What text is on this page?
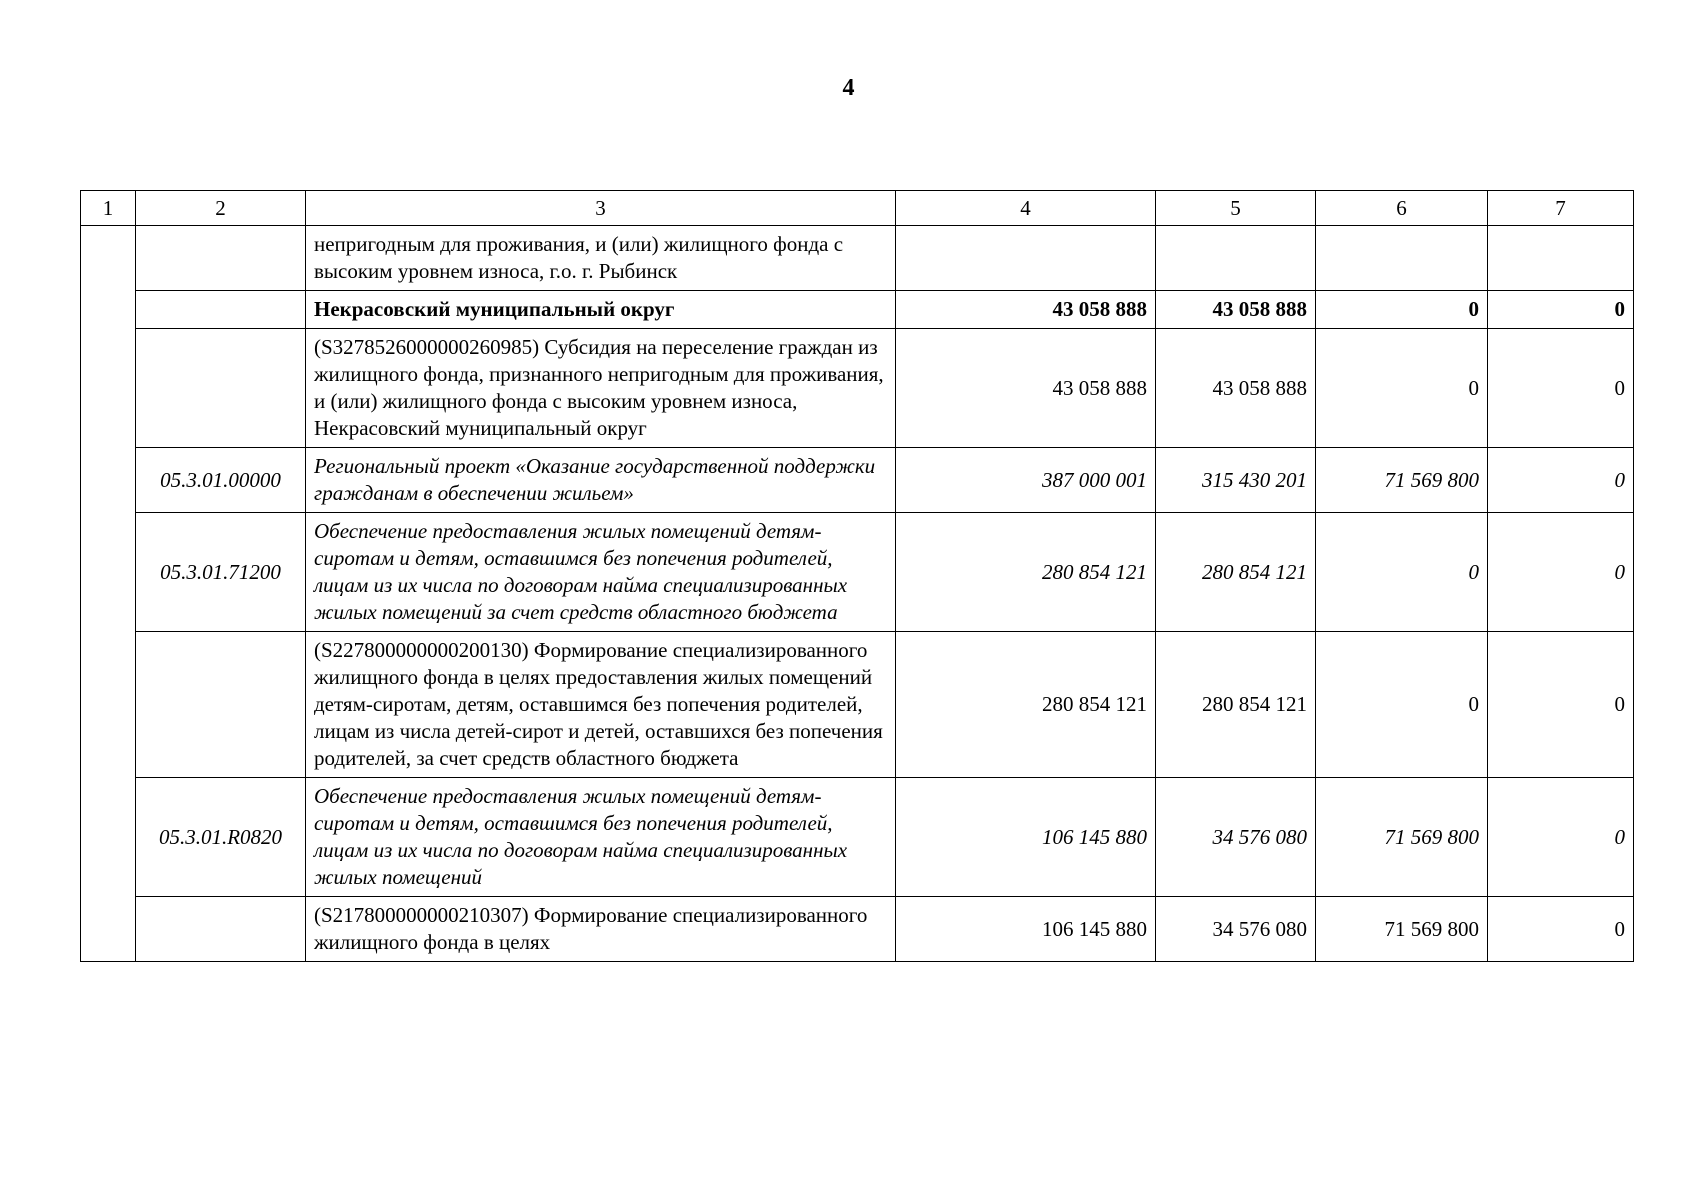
4
1	2	3	4	5	6	7
		непригодным для проживания, и (или) жилищного фонда с высоким уровнем износа, г.о. г. Рыбинск				
		Некрасовский муниципальный округ	43 058 888	43 058 888	0	0
		(S327852600000026098​5) Субсидия на переселение граждан из жилищного фонда, признанного непригодным для проживания, и (или) жилищного фонда с высоким уровнем износа, Некрасовский муниципальный округ	43 058 888	43 058 888	0	0
	05.3.01.00000	Региональный проект «Оказание государственной поддержки гражданам в обеспечении жильем»	387 000 001	315 430 201	71 569 800	0
	05.3.01.71200	Обеспечение предоставления жилых помещений детям-сиротам и детям, оставшимся без попечения родителей, лицам из их числа по договорам найма специализированных жилых помещений за счет средств областного бюджета	280 854 121	280 854 121	0	0
		(S227800000000200130) Формирование специализированного жилищного фонда в целях предоставления жилых помещений детям-сиротам, детям, оставшимся без попечения родителей, лицам из числа детей-сирот и детей, оставшихся без попечения родителей, за счет средств областного бюджета	280 854 121	280 854 121	0	0
	05.3.01.R0820	Обеспечение предоставления жилых помещений детям-сиротам и детям, оставшимся без попечения родителей, лицам из их числа по договорам найма специализированных жилых помещений	106 145 880	34 576 080	71 569 800	0
		(S217800000000210307) Формирование специализированного жилищного фонда в целях	106 145 880	34 576 080	71 569 800	0
